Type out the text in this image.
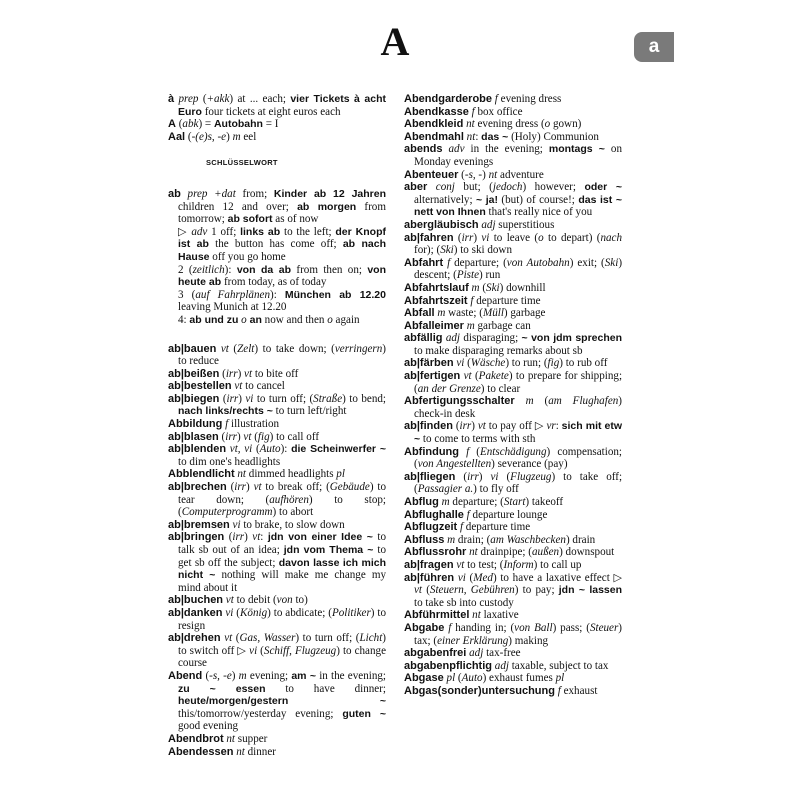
A	a

à prep (+akk) at ... each; vier Tickets à acht Euro four tickets at eight euros each

A (abk) = Autobahn = I

Aal (-(e)s, -e) m eel

SCHLÜSSELWORT

ab prep +dat from; Kinder ab 12 Jahren children 12 and over; ab morgen from tomorrow; ab sofort as of now

▷ adv 1 off; links ab to the left; der Knopf ist ab the button has come off; ab nach Hause off you go home

2 (zeitlich): von da ab from then on; von heute ab from today, as of today

3 (auf Fahrplänen): München ab 12.20 leaving Munich at 12.20

4: ab und zu o an now and then o again

ab|bauen vt (Zelt) to take down; (verringern) to reduce

ab|beißen (irr) vt to bite off

ab|bestellen vt to cancel

ab|biegen (irr) vi to turn off; (Straße) to bend; nach links/rechts ~ to turn left/right

Abbildung f illustration

ab|blasen (irr) vt (fig) to call off

ab|blenden vt, vi (Auto): die Scheinwerfer ~ to dim one's headlights

Abblendlicht nt dimmed headlights pl

ab|brechen (irr) vt to break off; (Gebäude) to tear down; (aufhören) to stop; (Computerprogramm) to abort

ab|bremsen vi to brake, to slow down

ab|bringen (irr) vt: jdn von einer Idee ~ to talk sb out of an idea; jdn vom Thema ~ to get sb off the subject; davon lasse ich mich nicht ~ nothing will make me change my mind about it

ab|buchen vt to debit (von to)

ab|danken vi (König) to abdicate; (Politiker) to resign

ab|drehen vt (Gas, Wasser) to turn off; (Licht) to switch off ▷ vi (Schiff, Flugzeug) to change course

Abend (-s, -e) m evening; am ~ in the evening; zu ~ essen to have dinner; heute/morgen/gestern ~ this/tomorrow/yesterday evening; guten ~ good evening

Abendbrot nt supper

Abendessen nt dinner

Abendgarderobe f evening dress

Abendkasse f box office

Abendkleid nt evening dress (o gown)

Abendmahl nt: das ~ (Holy) Communion

abends adv in the evening; montags ~ on Monday evenings

Abenteuer (-s, -) nt adventure

aber conj but; (jedoch) however; oder ~ alternatively; ~ ja! (but) of course!; das ist ~ nett von Ihnen that's really nice of you

abergläubisch adj superstitious

ab|fahren (irr) vi to leave (o to depart) (nach for); (Ski) to ski down

Abfahrt f departure; (von Autobahn) exit; (Ski) descent; (Piste) run

Abfahrtslauf m (Ski) downhill

Abfahrtszeit f departure time

Abfall m waste; (Müll) garbage

Abfalleimer m garbage can

abfällig adj disparaging; ~ von jdm sprechen to make disparaging remarks about sb

ab|färben vi (Wäsche) to run; (fig) to rub off

ab|fertigen vt (Pakete) to prepare for shipping; (an der Grenze) to clear

Abfertigungsschalter m (am Flughafen) check-in desk

ab|finden (irr) vt to pay off ▷ vr: sich mit etw ~ to come to terms with sth

Abfindung f (Entschädigung) compensation; (von Angestellten) severance (pay)

ab|fliegen (irr) vi (Flugzeug) to take off; (Passagier a.) to fly off

Abflug m departure; (Start) takeoff

Abflughalle f departure lounge

Abflugzeit f departure time

Abfluss m drain; (am Waschbecken) drain

Abflussrohr nt drainpipe; (außen) downspout

ab|fragen vt to test; (Inform) to call up

ab|führen vi (Med) to have a laxative effect ▷ vt (Steuern, Gebühren) to pay; jdn ~ lassen to take sb into custody

Abführmittel nt laxative

Abgabe f handing in; (von Ball) pass; (Steuer) tax; (einer Erklärung) making

abgabenfrei adj tax-free

abgabenpflichtig adj taxable, subject to tax

Abgase pl (Auto) exhaust fumes pl

Abgas(sonder)untersuchung f exhaust
